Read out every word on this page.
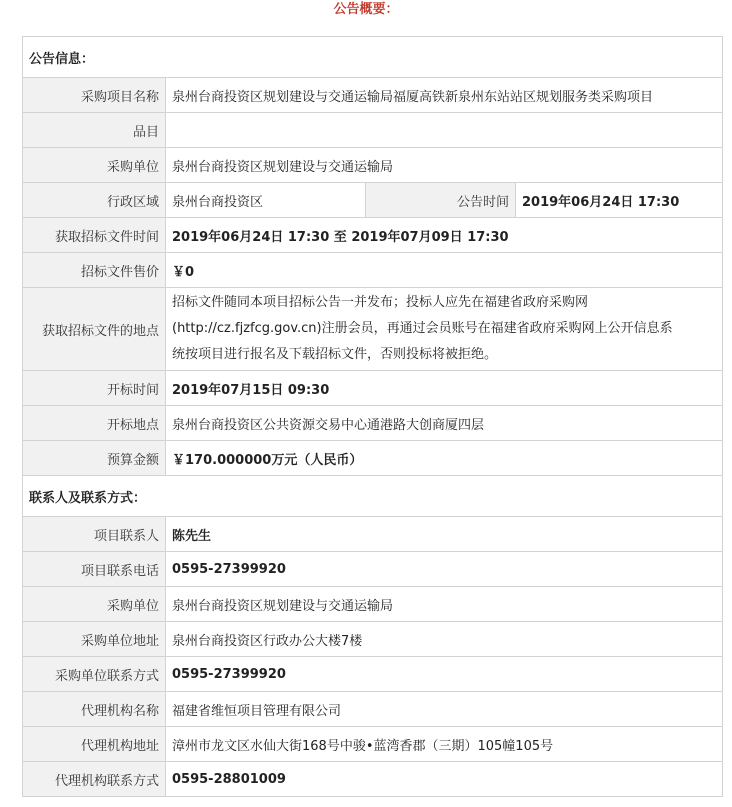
公告概要：
公告信息：			
采购项目名称	泉州台商投资区规划建设与交通运输局福厦高铁新泉州东站站区规划服务类采购项目		
品目			
采购单位	泉州台商投资区规划建设与交通运输局		
行政区域	泉州台商投资区	公告时间	2019年06月24日 17:30
获取招标文件时间	2019年06月24日 17:30 至 2019年07月09日 17:30		
招标文件售价	￥0		
获取招标文件的地点	招标文件随同本项目招标公告一并发布；投标人应先在福建省政府采购网
(http://cz.fjzfcg.gov.cn)注册会员，再通过会员账号在福建省政府采购网上公开信息系
统按项目进行报名及下载招标文件，否则投标将被拒绝。		

开标时间	2019年07月15日 09:30		
开标地点	泉州台商投资区公共资源交易中心通港路大创商厦四层		
预算金额	￥170.000000万元（人民币）		
联系人及联系方式：			
项目联系人	陈先生		
项目联系电话	0595-27399920		
采购单位	泉州台商投资区规划建设与交通运输局		
采购单位地址	泉州台商投资区行政办公大楼7楼		
采购单位联系方式	0595-27399920		
代理机构名称	福建省维恒项目管理有限公司		
代理机构地址	漳州市龙文区水仙大街168号中骏•蓝湾香郡（三期）105幢105号		
代理机构联系方式	0595-28801009		
